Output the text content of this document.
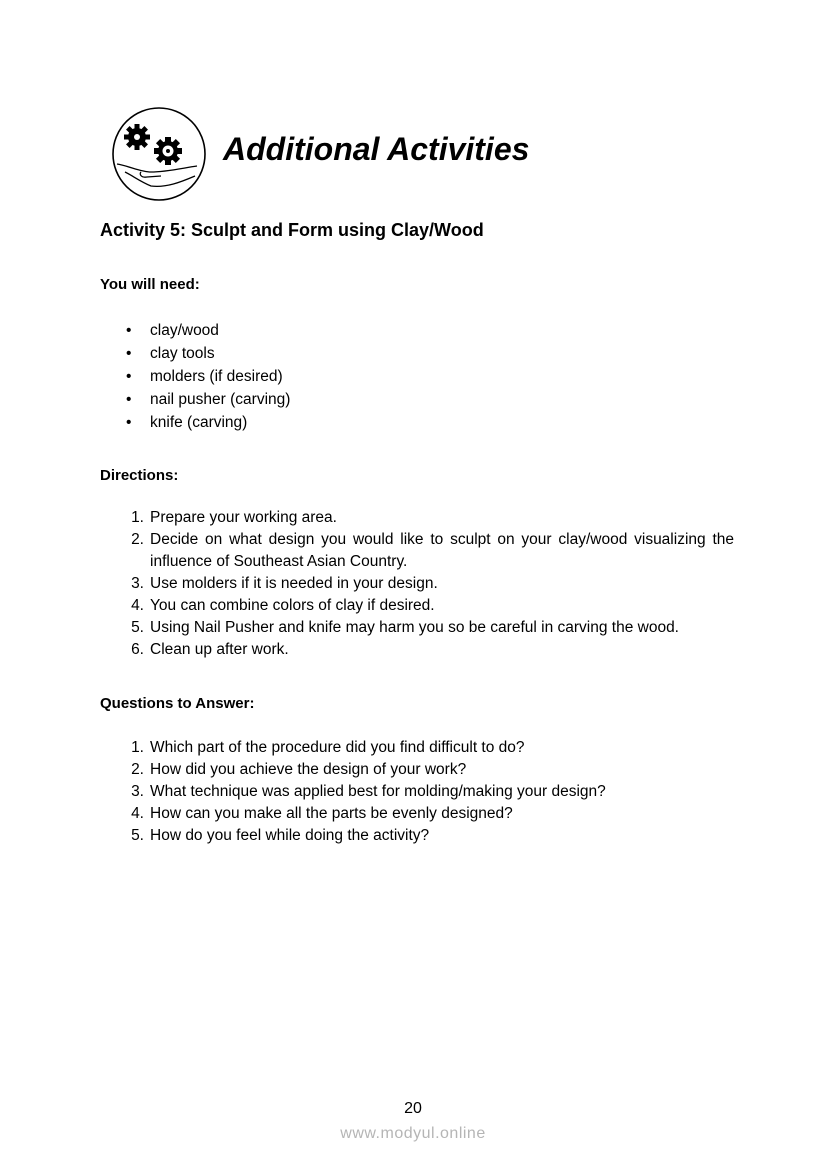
Additional Activities
Activity 5: Sculpt and Form using Clay/Wood
You will need:
• clay/wood
• clay tools
• molders (if desired)
• nail pusher (carving)
• knife (carving)
Directions:
1. Prepare your working area.
2. Decide on what design you would like to sculpt on your clay/wood visualizing the influence of Southeast Asian Country.
3. Use molders if it is needed in your design.
4. You can combine colors of clay if desired.
5. Using Nail Pusher and knife may harm you so be careful in carving the wood.
6. Clean up after work.
Questions to Answer:
1. Which part of the procedure did you find difficult to do?
2. How did you achieve the design of your work?
3. What technique was applied best for molding/making your design?
4. How can you make all the parts be evenly designed?
5. How do you feel while doing the activity?
20
www.modyul.online
